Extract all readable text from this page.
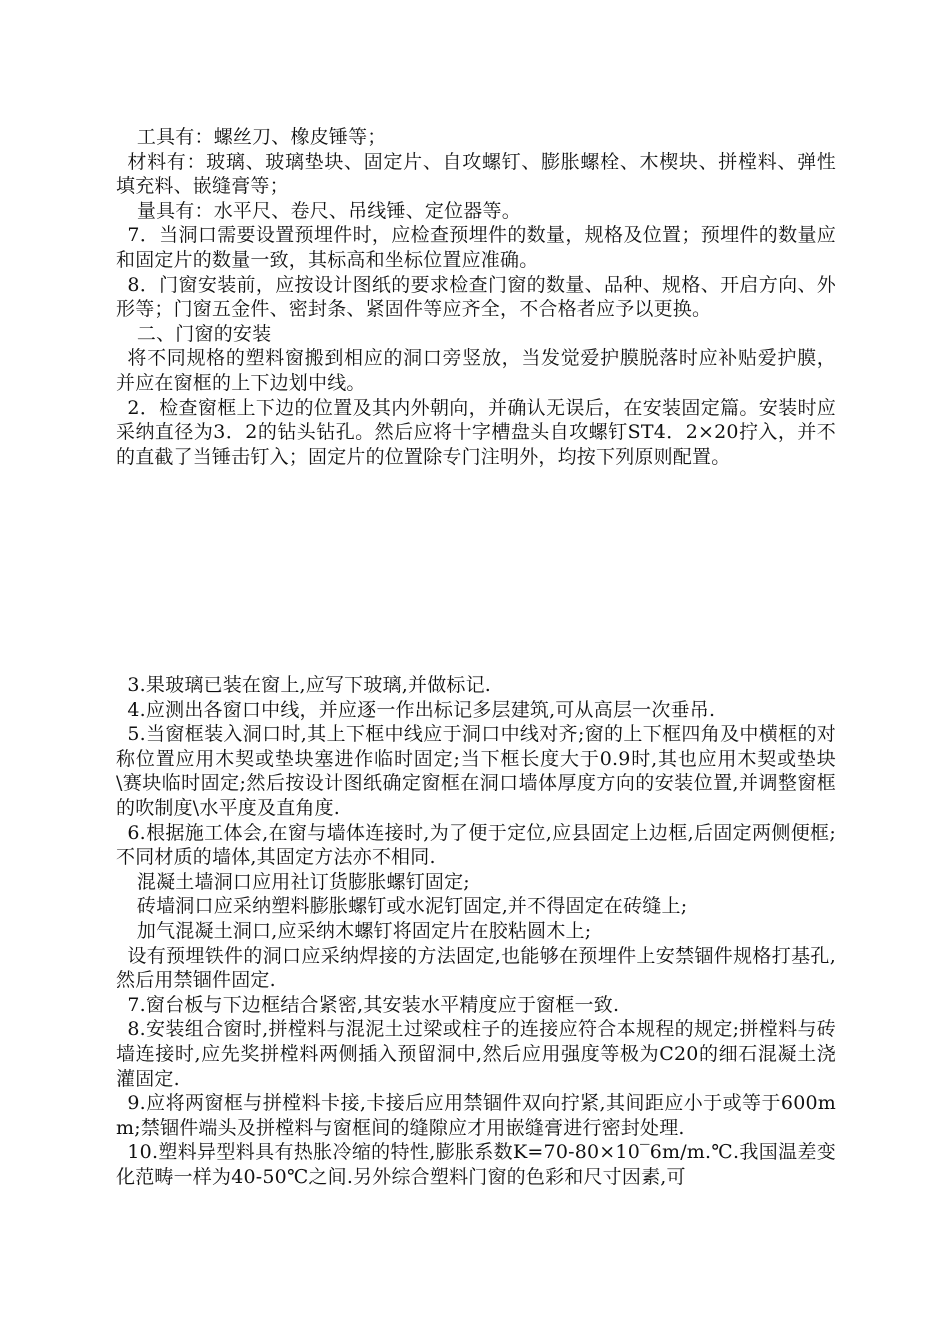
工具有：螺丝刀、橡皮锤等；

材料有：玻璃、玻璃垫块、固定片、自攻螺钉、膨胀螺栓、木楔块、拼樘料、弹性填充料、嵌缝膏等；

量具有：水平尺、卷尺、吊线锤、定位器等。

7．当洞口需要设置预埋件时，应检查预埋件的数量，规格及位置；预埋件的数量应和固定片的数量一致，其标高和坐标位置应准确。

8．门窗安装前，应按设计图纸的要求检查门窗的数量、品种、规格、开启方向、外形等；门窗五金件、密封条、紧固件等应齐全，不合格者应予以更换。

二、门窗的安装

将不同规格的塑料窗搬到相应的洞口旁竖放，当发觉爱护膜脱落时应补贴爱护膜，并应在窗框的上下边划中线。

2．检查窗框上下边的位置及其内外朝向，并确认无误后，在安装固定篇。安装时应采纳直径为3．2的钻头钻孔。然后应将十字槽盘头自攻螺钉ST4．2×20拧入，并不的直截了当锤击钉入；固定片的位置除专门注明外，均按下列原则配置。

3.果玻璃已装在窗上,应写下玻璃,并做标记.

4.应测出各窗口中线，并应逐一作出标记多层建筑,可从高层一次垂吊.

5.当窗框装入洞口时,其上下框中线应于洞口中线对齐;窗的上下框四角及中横框的对称位置应用木契或垫块塞进作临时固定;当下框长度大于0.9时,其也应用木契或垫块\赛块临时固定;然后按设计图纸确定窗框在洞口墙体厚度方向的安装位置,并调整窗框的吹制度\水平度及直角度.

6.根据施工体会,在窗与墙体连接时,为了便于定位,应县固定上边框,后固定两侧便框;不同材质的墙体,其固定方法亦不相同.

混凝土墙洞口应用社订货膨胀螺钉固定;

砖墙洞口应采纳塑料膨胀螺钉或水泥钉固定,并不得固定在砖缝上;

加气混凝土洞口,应采纳木螺钉将固定片在胶粘圆木上;

设有预埋铁件的洞口应采纳焊接的方法固定,也能够在预埋件上安禁锢件规格打基孔,然后用禁锢件固定.

7.窗台板与下边框结合紧密,其安装水平精度应于窗框一致.

8.安装组合窗时,拼樘料与混泥土过梁或柱子的连接应符合本规程的规定;拼樘料与砖墙连接时,应先奖拼樘料两侧插入预留洞中,然后应用强度等极为C20的细石混凝土浇灌固定.

9.应将两窗框与拼樘料卡接,卡接后应用禁锢件双向拧紧,其间距应小于或等于600mm;禁锢件端头及拼樘料与窗框间的缝隙应才用嵌缝膏进行密封处理.

10.塑料异型料具有热胀冷缩的特性,膨胀系数K=70-80×10‾6m/m.℃.我国温差变化范畴一样为40-50℃之间.另外综合塑料门窗的色彩和尺寸因素,可
